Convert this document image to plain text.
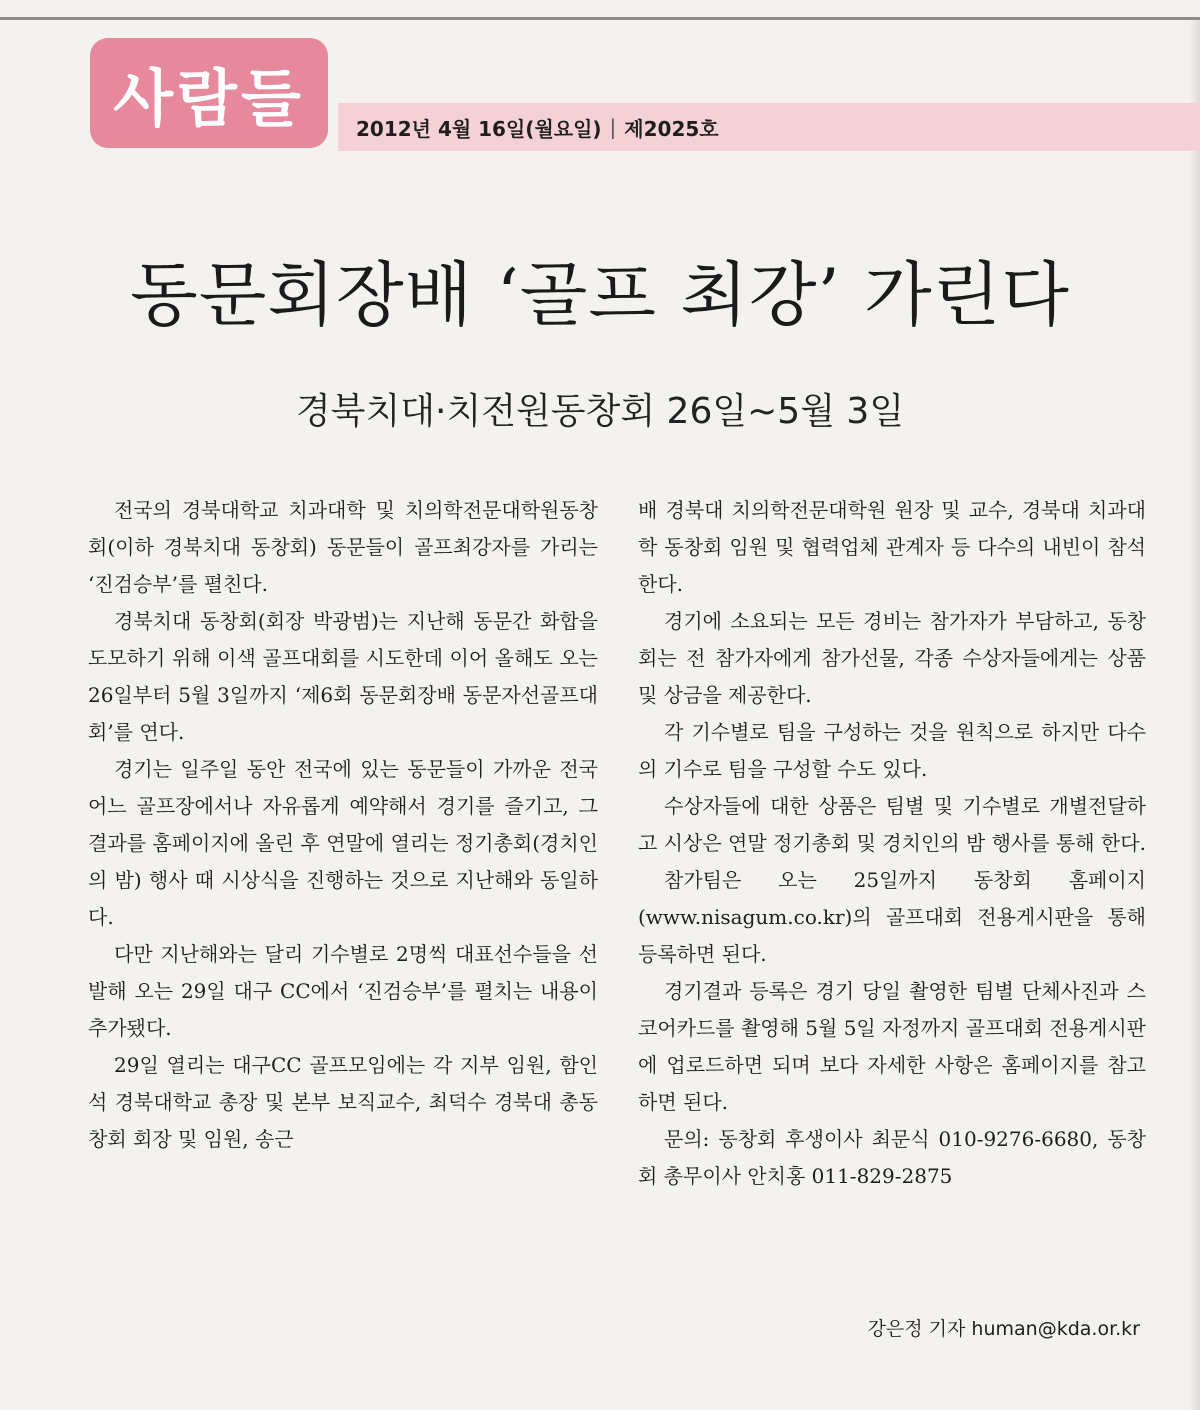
사람들	2012년 4월 16일(월요일) | 제2025호
동문회장배 ‘골프 최강’ 가린다
경북치대·치전원동창회 26일~5월 3일

전국의 경북대학교 치과대학 및 치의학전문대학원동창회(이하 경북치대 동창회) 동문들이 골프최강자를 가리는 ‘진검승부’를 펼친다.

경북치대 동창회(회장 박광범)는 지난해 동문간 화합을 도모하기 위해 이색 골프대회를 시도한데 이어 올해도 오는 26일부터 5월 3일까지 ‘제6회 동문회장배 동문자선골프대회’를 연다.

경기는 일주일 동안 전국에 있는 동문들이 가까운 전국 어느 골프장에서나 자유롭게 예약해서 경기를 즐기고, 그 결과를 홈페이지에 올린 후 연말에 열리는 정기총회(경치인의 밤) 행사 때 시상식을 진행하는 것으로 지난해와 동일하다.

다만 지난해와는 달리 기수별로 2명씩 대표선수들을 선발해 오는 29일 대구 CC에서 ‘진검승부’를 펼치는 내용이 추가됐다.

29일 열리는 대구CC 골프모임에는 각 지부 임원, 함인석 경북대학교 총장 및 본부 보직교수, 최덕수 경북대 총동창회 회장 및 임원, 송근

배 경북대 치의학전문대학원 원장 및 교수, 경북대 치과대학 동창회 임원 및 협력업체 관계자 등 다수의 내빈이 참석한다.

경기에 소요되는 모든 경비는 참가자가 부담하고, 동창회는 전 참가자에게 참가선물, 각종 수상자들에게는 상품 및 상금을 제공한다.

각 기수별로 팀을 구성하는 것을 원칙으로 하지만 다수의 기수로 팀을 구성할 수도 있다.

수상자들에 대한 상품은 팀별 및 기수별로 개별전달하고 시상은 연말 정기총회 및 경치인의 밤 행사를 통해 한다.

참가팀은 오는 25일까지 동창회 홈페이지(www.nisagum.co.kr)의 골프대회 전용게시판을 통해 등록하면 된다.

경기결과 등록은 경기 당일 촬영한 팀별 단체사진과 스코어카드를 촬영해 5월 5일 자정까지 골프대회 전용게시판에 업로드하면 되며 보다 자세한 사항은 홈페이지를 참고하면 된다.

문의: 동창회 후생이사 최문식 010-9276-6680, 동창회 총무이사 안치홍 011-829-2875

강은정 기자 human@kda.or.kr
